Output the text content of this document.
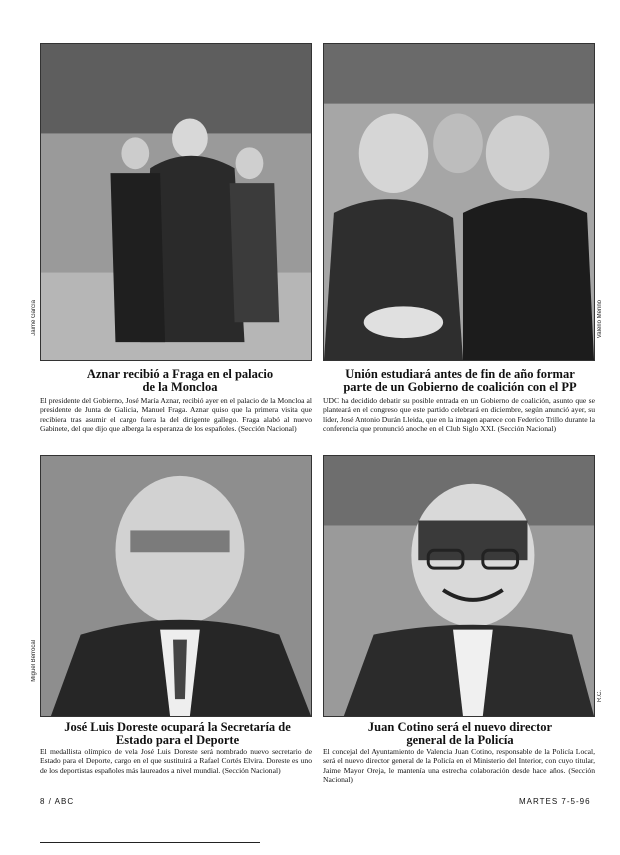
Jaime García	Valerio Merino
Aznar recibió a Fraga en el palacio de la Moncloa
El presidente del Gobierno, José María Aznar, recibió ayer en el palacio de la Moncloa al presidente de Junta de Galicia, Manuel Fraga. Aznar quiso que la primera visita que recibiera tras asumir el cargo fuera la del dirigente gallego. Fraga alabó al nuevo Gabinete, del que dijo que alberga la esperanza de los españoles. (Sección Nacional)
Unión estudiará antes de fin de año formar parte de un Gobierno de coalición con el PP
UDC ha decidido debatir su posible entrada en un Gobierno de coalición, asunto que se planteará en el congreso que este partido celebrará en diciembre, según anunció ayer, su líder, José Antonio Durán Lleida, que en la imagen aparece con Federico Trillo durante la conferencia que pronunció anoche en el Club Siglo XXI. (Sección Nacional)
Miguel Berrocal
R.C.
José Luis Doreste ocupará la Secretaría de Estado para el Deporte
El medallista olímpico de vela José Luis Doreste será nombrado nuevo secretario de Estado para el Deporte, cargo en el que sustituirá a Rafael Cortés Elvira. Doreste es uno de los deportistas españoles más laureados a nivel mundial. (Sección Nacional)
Juan Cotino será el nuevo director general de la Policía
El concejal del Ayuntamiento de Valencia Juan Cotino, responsable de la Policía Local, será el nuevo director general de la Policía en el Ministerio del Interior, con cuyo titular, Jaime Mayor Oreja, le mantenía una estrecha colaboración desde hace años. (Sección Nacional)
8 / ABC	MARTES 7-5-96
